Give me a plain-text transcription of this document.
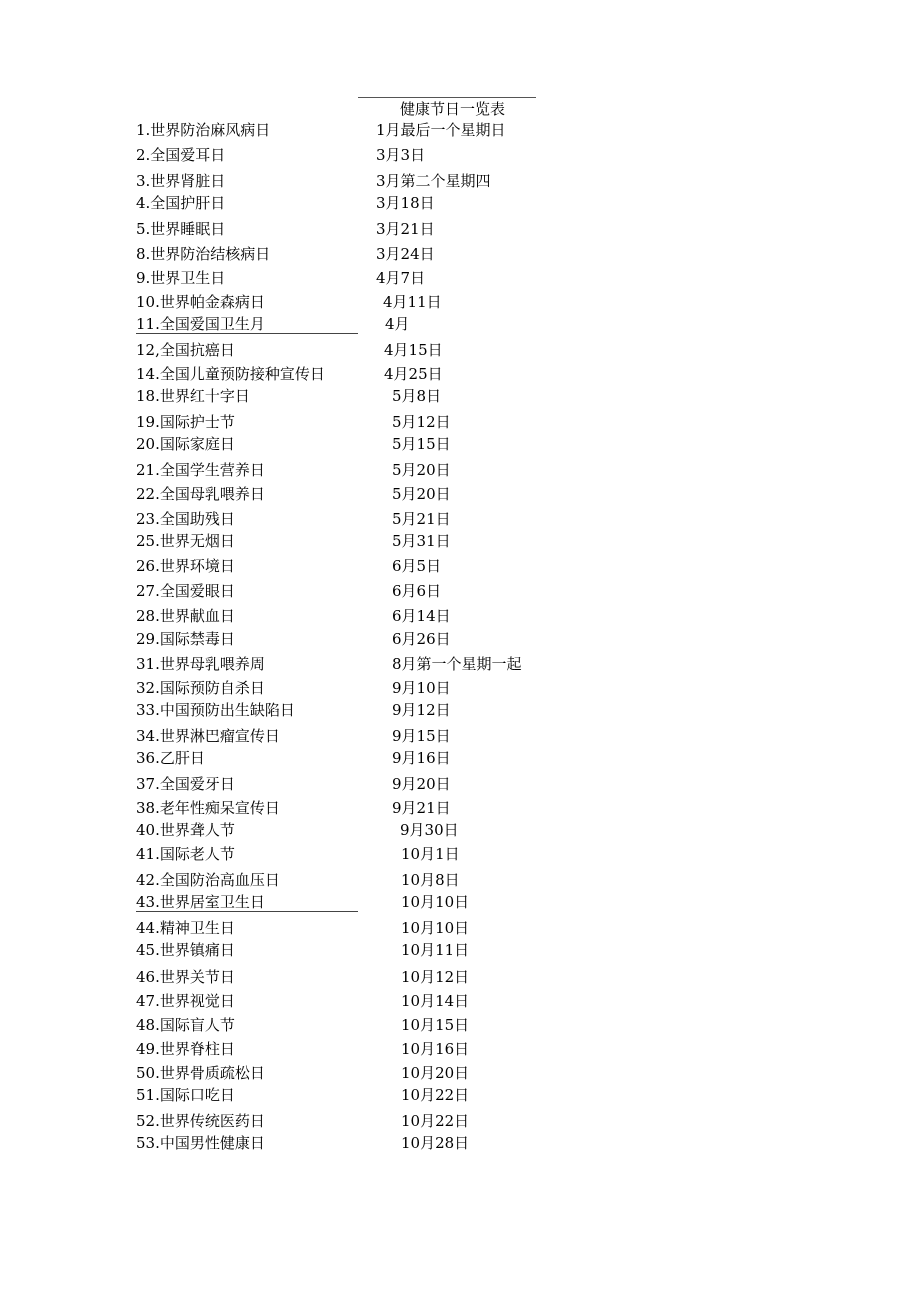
健康节日一览表
1.世界防治麻风病日	1月最后一个星期日
2.全国爱耳日	3月3日
3.世界肾脏日	3月第二个星期四
4.全国护肝日	3月18日
5.世界睡眠日	3月21日
8.世界防治结核病日	3月24日
9.世界卫生日	4月7日
10.世界帕金森病日	4月11日
11.全国爱国卫生月	4月
12,全国抗癌日	4月15日
14.全国儿童预防接种宣传日	4月25日
18.世界红十字日	5月8日
19.国际护士节	5月12日
20.国际家庭日	5月15日
21.全国学生营养日	5月20日
22.全国母乳喂养日	5月20日
23.全国助残日	5月21日
25.世界无烟日	5月31日
26.世界环境日	6月5日
27.全国爱眼日	6月6日
28.世界献血日	6月14日
29.国际禁毒日	6月26日
31.世界母乳喂养周	8月第一个星期一起
32.国际预防自杀日	9月10日
33.中国预防出生缺陷日	9月12日
34.世界淋巴瘤宣传日	9月15日
36.乙肝日	9月16日
37.全国爱牙日	9月20日
38.老年性痴呆宣传日	9月21日
40.世界聋人节	9月30日
41.国际老人节	10月1日
42.全国防治高血压日	10月8日
43.世界居室卫生日	10月10日
44.精神卫生日	10月10日
45.世界镇痛日	10月11日
46.世界关节日	10月12日
47.世界视觉日	10月14日
48.国际盲人节	10月15日
49.世界脊柱日	10月16日
50.世界骨质疏松日	10月20日
51.国际口吃日	10月22日
52.世界传统医药日	10月22日
53.中国男性健康日	10月28日
